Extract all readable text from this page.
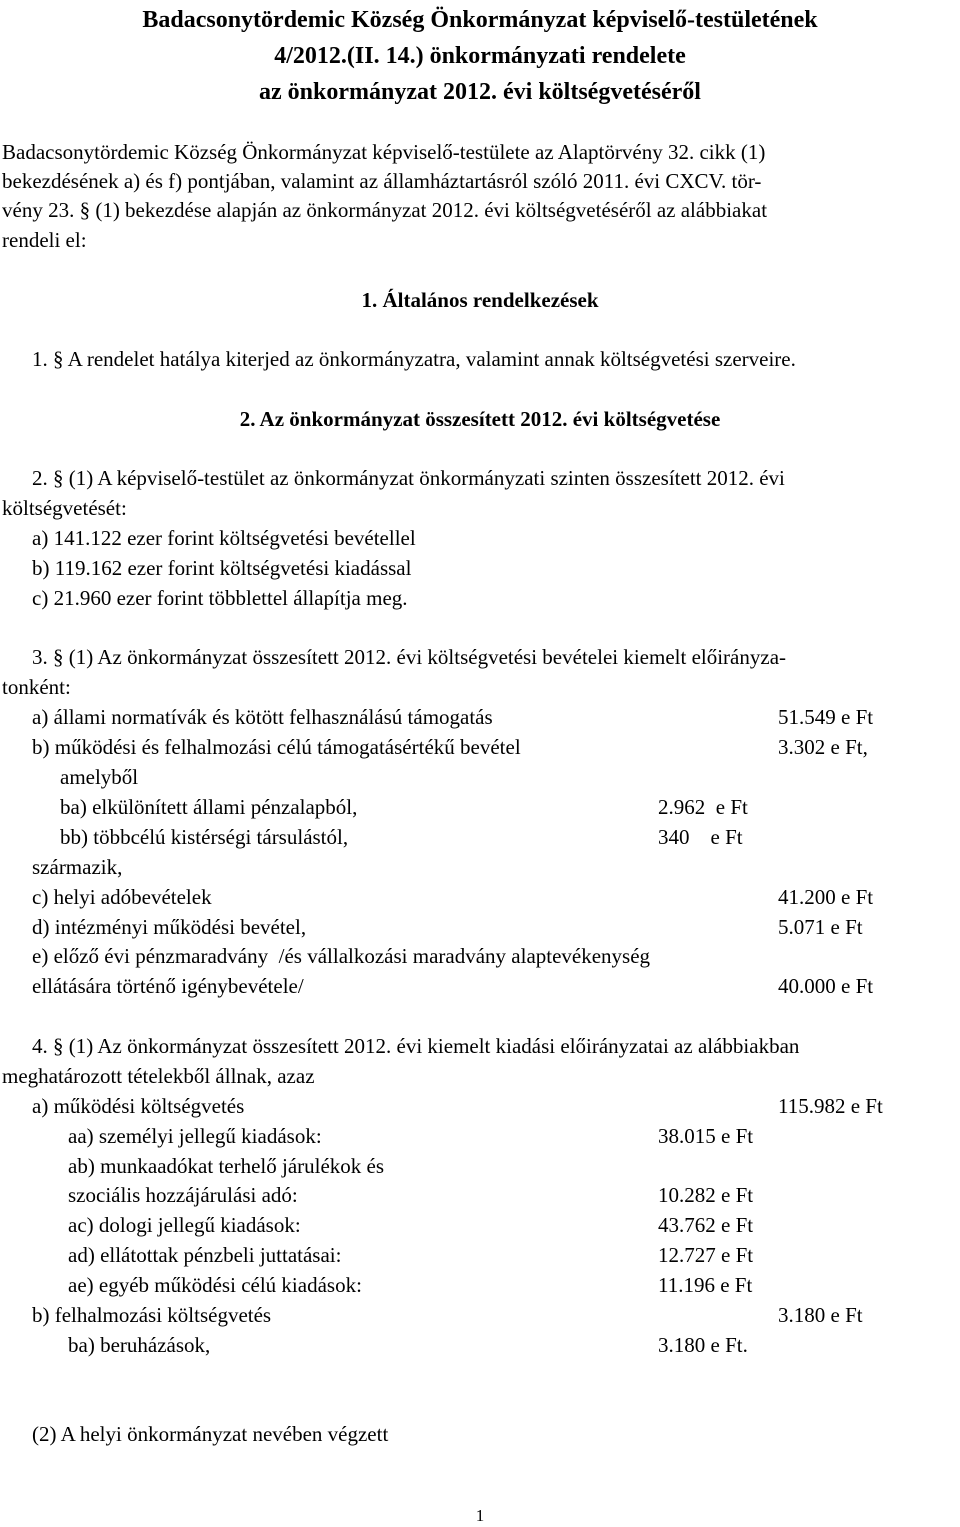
Badacsonytördemic Község Önkormányzat képviselő-testületének
4/2012.(II. 14.) önkormányzati rendelete
az önkormányzat 2012. évi költségvetéséről
Badacsonytördemic Község Önkormányzat képviselő-testülete az Alaptörvény 32. cikk (1)
bekezdésének a) és f) pontjában, valamint az államháztartásról szóló 2011. évi CXCV. tör-
vény 23. § (1) bekezdése alapján az önkormányzat 2012. évi költségvetéséről az alábbiakat
rendeli el:
1. Általános rendelkezések
1. § A rendelet hatálya kiterjed az önkormányzatra, valamint annak költségvetési szerveire.
2. Az önkormányzat összesített 2012. évi költségvetése
2. § (1) A képviselő-testület az önkormányzat önkormányzati szinten összesített 2012. évi
költségvetését:
a) 141.122 ezer forint költségvetési bevétellel
b) 119.162 ezer forint költségvetési kiadással
c) 21.960 ezer forint többlettel állapítja meg.
3. § (1) Az önkormányzat összesített 2012. évi költségvetési bevételei kiemelt előirányza-
tonként:
a) állami normatívák és kötött felhasználású támogatás	51.549 e Ft
b) működési és felhalmozási célú támogatásértékű bevétel	3.302 e Ft,
amelyből
ba) elkülönített állami pénzalapból,	2.962  e Ft
bb) többcélú kistérségi társulástól,	340    e Ft
származik,
c) helyi adóbevételek	41.200 e Ft
d) intézményi működési bevétel,	5.071 e Ft
e) előző évi pénzmaradvány  /és vállalkozási maradvány alaptevékenység
ellátására történő igénybevétele/	40.000 e Ft
4. § (1) Az önkormányzat összesített 2012. évi kiemelt kiadási előirányzatai az alábbiakban
meghatározott tételekből állnak, azaz
a) működési költségvetés	115.982 e Ft
aa) személyi jellegű kiadások:	38.015 e Ft
ab) munkaadókat terhelő járulékok és
szociális hozzájárulási adó:	10.282 e Ft
ac) dologi jellegű kiadások:	43.762 e Ft
ad) ellátottak pénzbeli juttatásai:	12.727 e Ft
ae) egyéb működési célú kiadások:	11.196 e Ft
b) felhalmozási költségvetés	3.180 e Ft
ba) beruházások,	3.180 e Ft.
(2) A helyi önkormányzat nevében végzett
1
